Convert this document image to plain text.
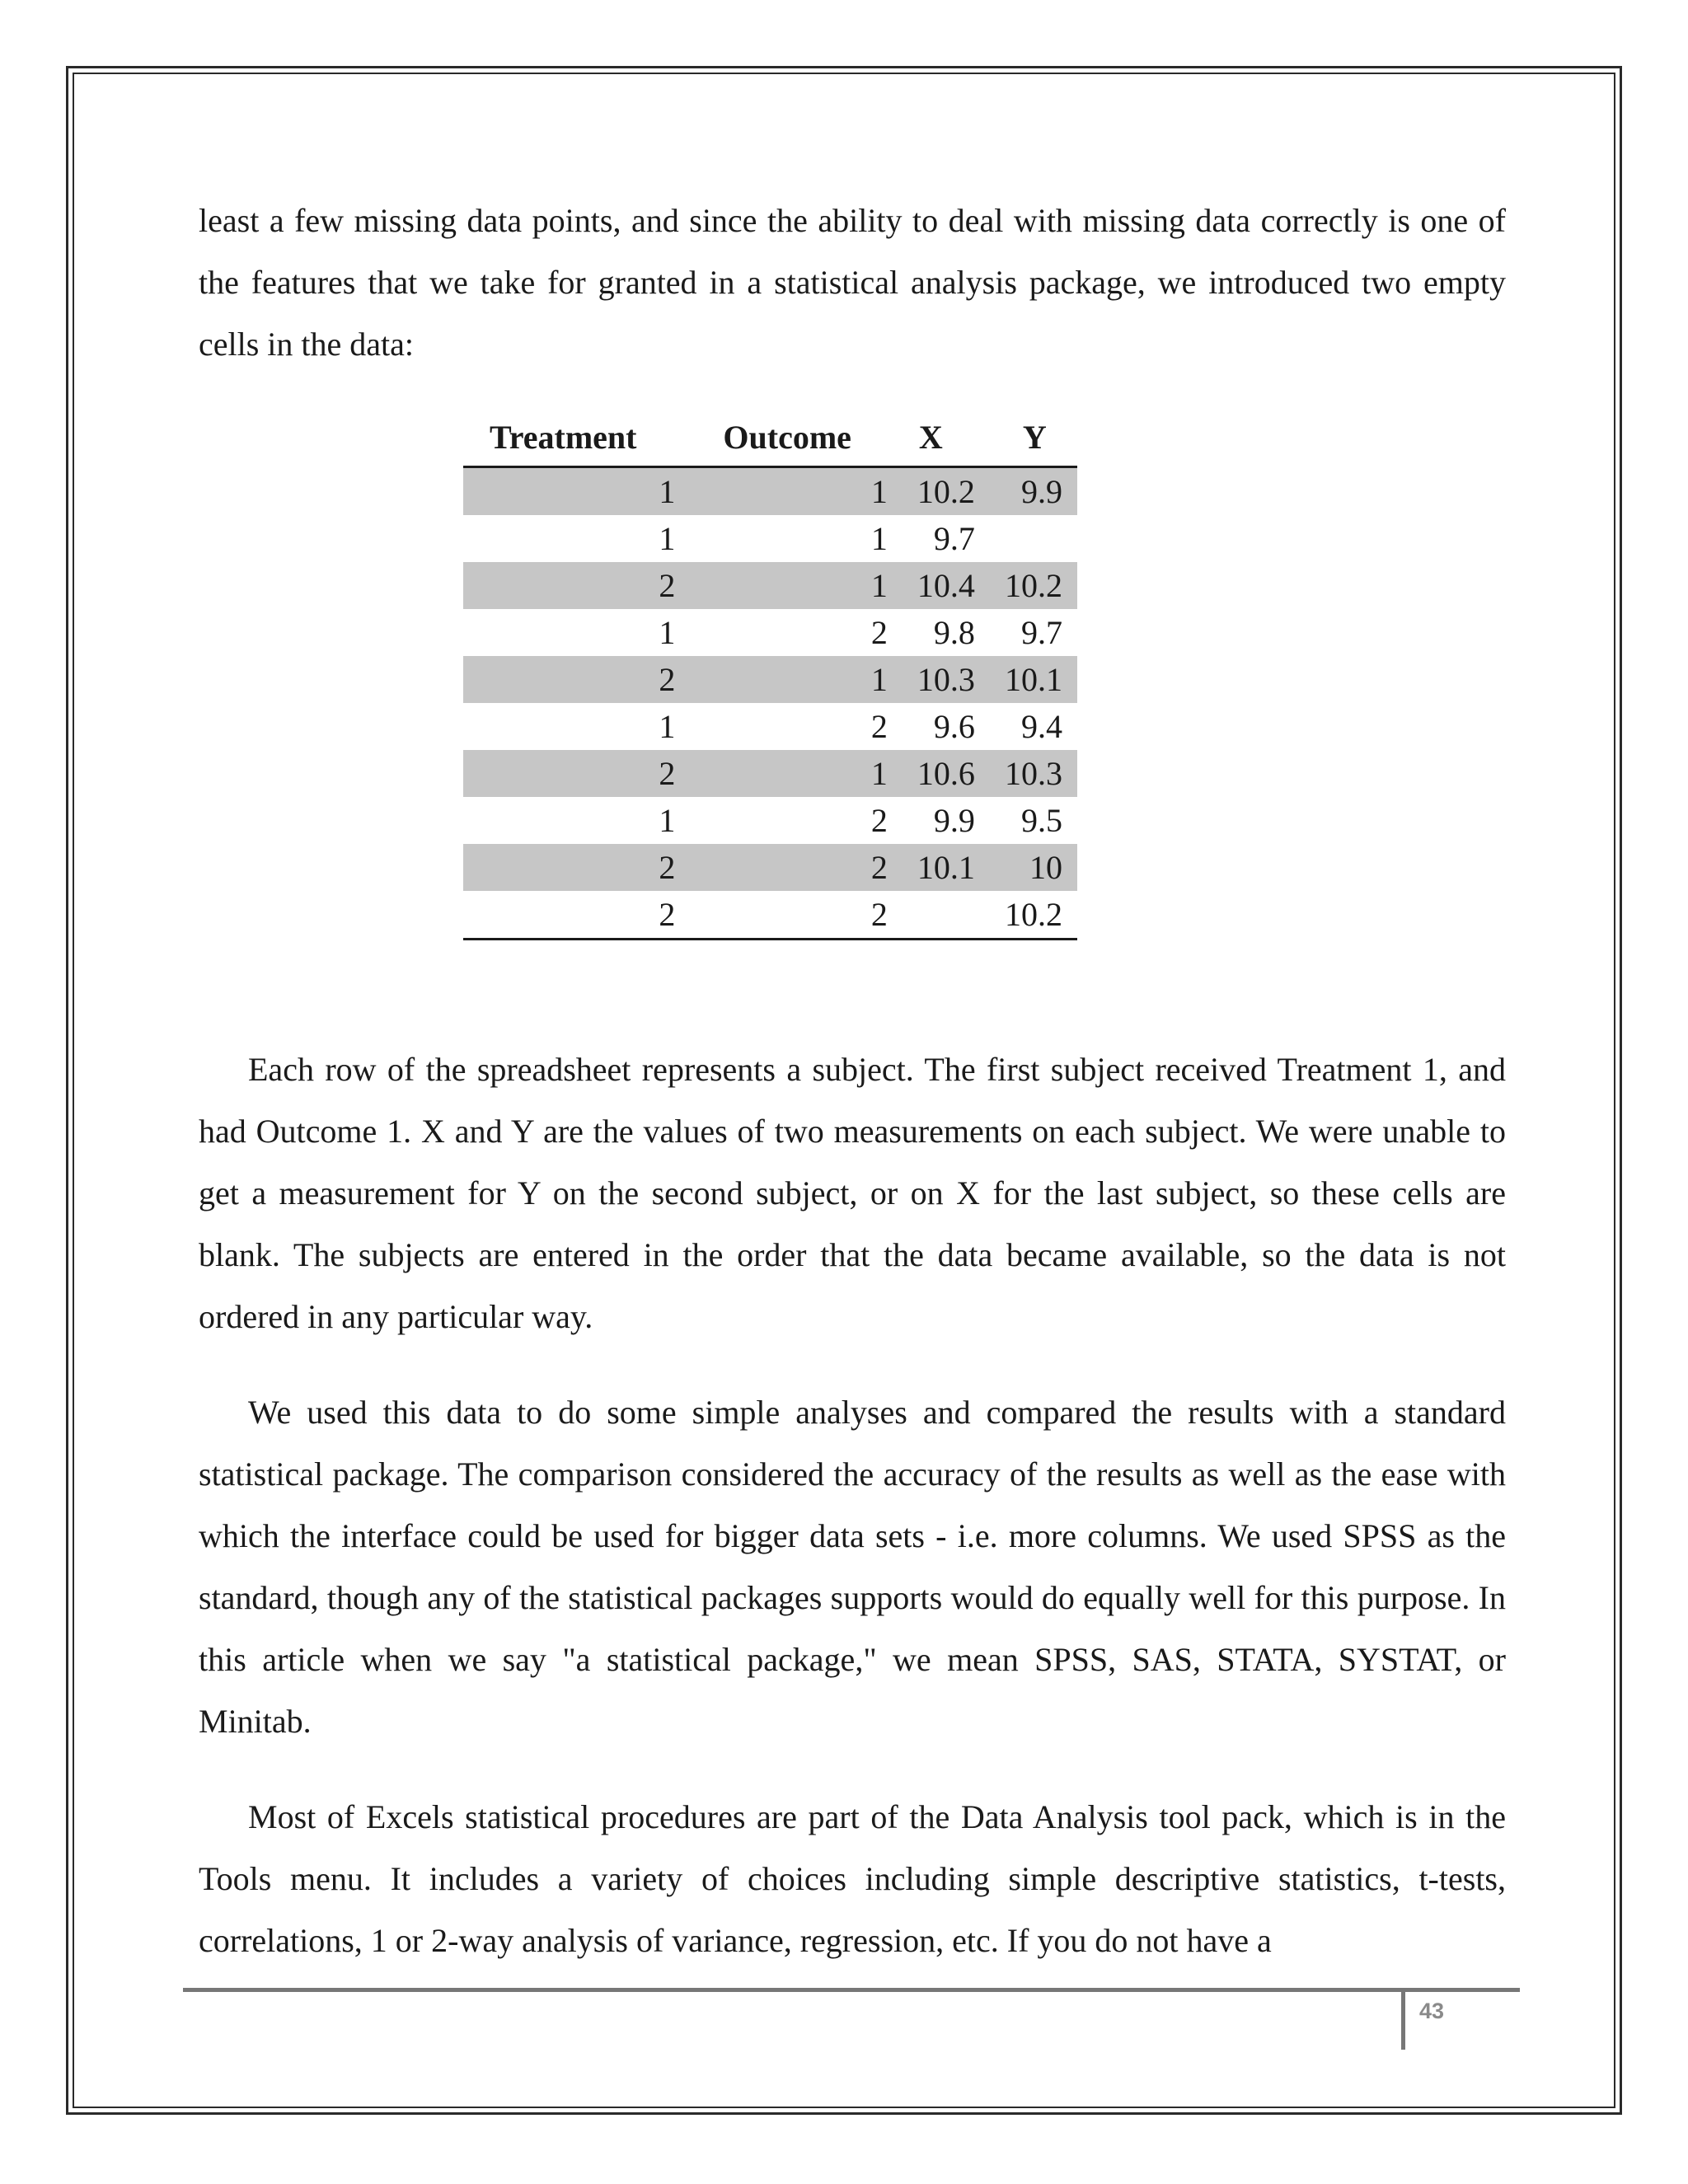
least a few missing data points, and since the ability to deal with missing data correctly is one of the features that we take for granted in a statistical analysis package, we introduced two empty cells in the data:

Treatment	Outcome	X	Y
1	1	10.2	9.9
1	1	9.7	
2	1	10.4	10.2
1	2	9.8	9.7
2	1	10.3	10.1
1	2	9.6	9.4
2	1	10.6	10.3
1	2	9.9	9.5
2	2	10.1	10
2	2		10.2

Each row of the spreadsheet represents a subject. The first subject received Treatment 1, and had Outcome 1. X and Y are the values of two measurements on each subject. We were unable to get a measurement for Y on the second subject, or on X for the last subject, so these cells are blank. The subjects are entered in the order that the data became available, so the data is not ordered in any particular way.

We used this data to do some simple analyses and compared the results with a standard statistical package. The comparison considered the accuracy of the results as well as the ease with which the interface could be used for bigger data sets - i.e. more columns. We used SPSS as the standard, though any of the statistical packages supports would do equally well for this purpose. In this article when we say "a statistical package," we mean SPSS, SAS, STATA, SYSTAT, or Minitab.

Most of Excels statistical procedures are part of the Data Analysis tool pack, which is in the Tools menu. It includes a variety of choices including simple descriptive statistics, t-tests, correlations, 1 or 2-way analysis of variance, regression, etc. If you do not have a

43
